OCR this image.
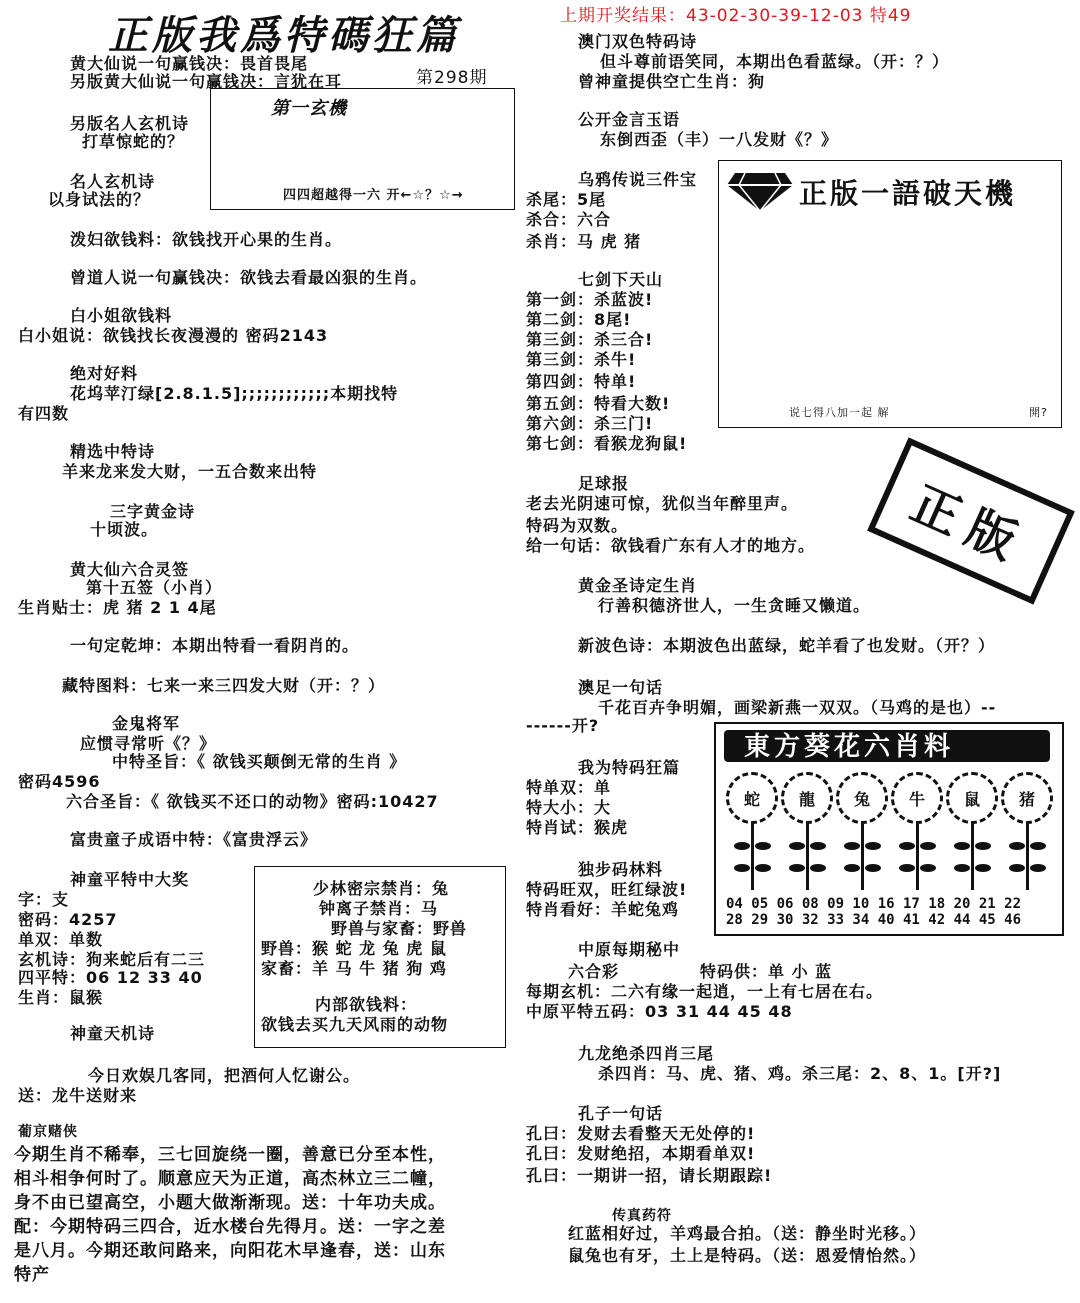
正版我爲特碼狂篇	上期开奖结果：43-02-30-39-12-03 特49
黄大仙说一句赢钱决：畏首畏尾
另版黄大仙说一句赢钱决：言犹在耳	第298期
第一玄機
四四超越得一六 开←☆？☆→
另版名人玄机诗
打草惊蛇的？
名人玄机诗
以身试法的？
泼妇欲钱料：欲钱找开心果的生肖。
曾道人说一句赢钱决：欲钱去看最凶狠的生肖。
白小姐欲钱料
白小姐说：欲钱找长夜漫漫的 密码2143
绝对好料
花坞苹汀绿[2.8.1.5];;;;;;;;;;;;本期找特
有四数
精选中特诗
羊来龙来发大财，一五合数来出特
三字黄金诗
十顷波。
黄大仙六合灵签
第十五签（小肖）
生肖贴士：虎 猪 2 1 4尾
一句定乾坤：本期出特看一看阴肖的。
藏特图料：七来一来三四发大财（开：？）
金鬼将军
应惯寻常听《？》
中特圣旨：《 欲钱买颠倒无常的生肖 》
密码4596
六合圣旨：《 欲钱买不还口的动物》密码:10427
富贵童子成语中特：《富贵浮云》
神童平特中大奖
字：支
密码：4257
单双：单数
玄机诗：狗来蛇后有二三
四平特：06 12 33 40
生肖：鼠猴
少林密宗禁肖：兔
钟离子禁肖：马
野兽与家畜：野兽
野兽：猴 蛇 龙 兔 虎 鼠
家畜：羊 马 牛 猪 狗 鸡
内部欲钱料：
欲钱去买九天风雨的动物
神童天机诗
今日欢娱几客同，把酒何人忆谢公。
送：龙牛送财来
葡京赌侠
今期生肖不稀奉，三七回旋绕一圈，善意已分至本性，
相斗相争何时了。顺意应天为正道，高杰林立三二幢，
身不由已望高空，小题大做渐渐现。送：十年功夫成。
配：今期特码三四合，近水楼台先得月。送：一字之差
是八月。今期还敢问路来，向阳花木早逢春，送：山东
特产
澳门双色特码诗
但斗尊前语笑同，本期出色看蓝绿。（开：？）
曾神童提供空亡生肖：狗
公开金言玉语
东倒西歪（丰）一八发财《？》
乌鸦传说三件宝
杀尾：5尾
杀合：六合
杀肖：马 虎 猪
正版一語破天機
说七得八加一起 解	開?
七剑下天山
第一剑：杀蓝波!
第二剑：8尾!
第三剑：杀三合!
第三剑：杀牛!
第四剑：特单!
第五剑：特看大数!
第六剑：杀三门!
第七剑：看猴龙狗鼠!
足球报
老去光阴速可惊，犹似当年醉里声。
特码为双数。
给一句话：欲钱看广东有人才的地方。	正版
黄金圣诗定生肖
行善积德济世人，一生贪睡又懒道。
新波色诗：本期波色出蓝绿，蛇羊看了也发财。（开？）
澳足一句话
千花百卉争明媚，画梁新燕一双双。（马鸡的是也）--
------开?
我为特码狂篇
特单双：单
特大小：大
特肖试：猴虎
独步码林料
特码旺双，旺红绿波!
特肖看好：羊蛇兔鸡
東方葵花六肖料
蛇	龍	兔	牛	鼠	猪
04 05 06 08 09 10 16 17 18 20 21 22
28 29 30 32 33 34 40 41 42 44 45 46
中原每期秘中
六合彩	特码供：单 小 蓝
每期玄机：二六有缘一起逍，一上有七居在右。
中原平特五码：03 31 44 45 48
九龙绝杀四肖三尾
杀四肖：马、虎、猪、鸡。杀三尾：2、8、1。[开?]
孔子一句话
孔曰：发财去看整天无处停的!
孔曰：发财绝招，本期看单双!
孔曰：一期讲一招，请长期跟踪!
传真药符
红蓝相好过，羊鸡最合拍。（送：静坐时光移。）
鼠兔也有牙，土上是特码。（送：恩爱情怡然。）
